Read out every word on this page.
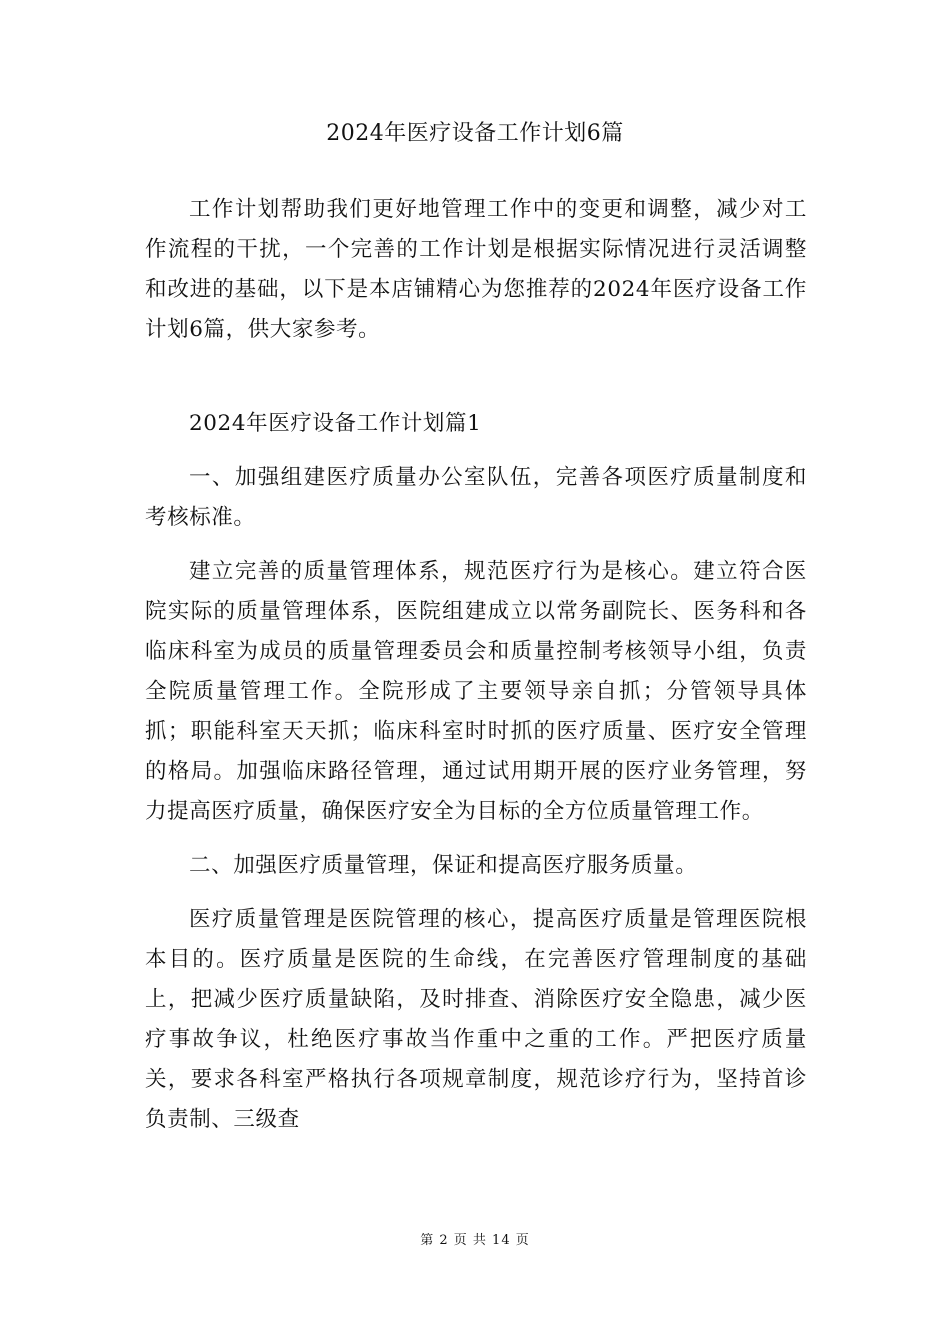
2024年医疗设备工作计划6篇

工作计划帮助我们更好地管理工作中的变更和调整，减少对工作流程的干扰，一个完善的工作计划是根据实际情况进行灵活调整和改进的基础，以下是本店铺精心为您推荐的2024年医疗设备工作计划6篇，供大家参考。

2024年医疗设备工作计划篇1

一、加强组建医疗质量办公室队伍，完善各项医疗质量制度和考核标准。

建立完善的质量管理体系，规范医疗行为是核心。建立符合医院实际的质量管理体系，医院组建成立以常务副院长、医务科和各临床科室为成员的质量管理委员会和质量控制考核领导小组，负责全院质量管理工作。全院形成了主要领导亲自抓；分管领导具体抓；职能科室天天抓；临床科室时时抓的医疗质量、医疗安全管理的格局。加强临床路径管理，通过试用期开展的医疗业务管理，努力提高医疗质量，确保医疗安全为目标的全方位质量管理工作。

二、加强医疗质量管理，保证和提高医疗服务质量。

医疗质量管理是医院管理的核心，提高医疗质量是管理医院根本目的。医疗质量是医院的生命线，在完善医疗管理制度的基础上，把减少医疗质量缺陷，及时排查、消除医疗安全隐患，减少医疗事故争议，杜绝医疗事故当作重中之重的工作。严把医疗质量关，要求各科室严格执行各项规章制度，规范诊疗行为，坚持首诊负责制、三级查

第 2 页 共 14 页
